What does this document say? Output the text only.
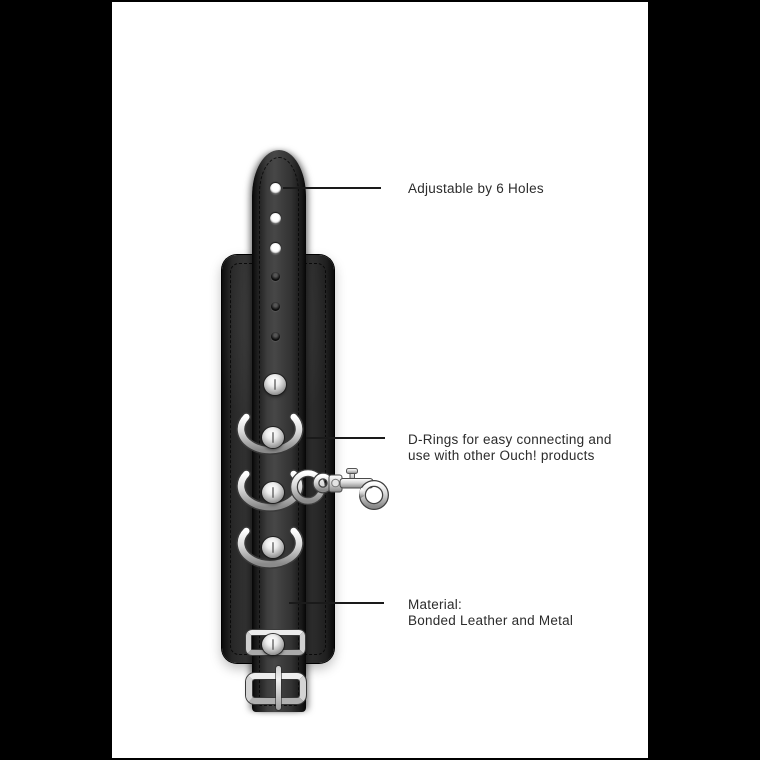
Adjustable by 6 Holes
D-Rings for easy connecting and
use with other Ouch! products
Material:
Bonded Leather and Metal
